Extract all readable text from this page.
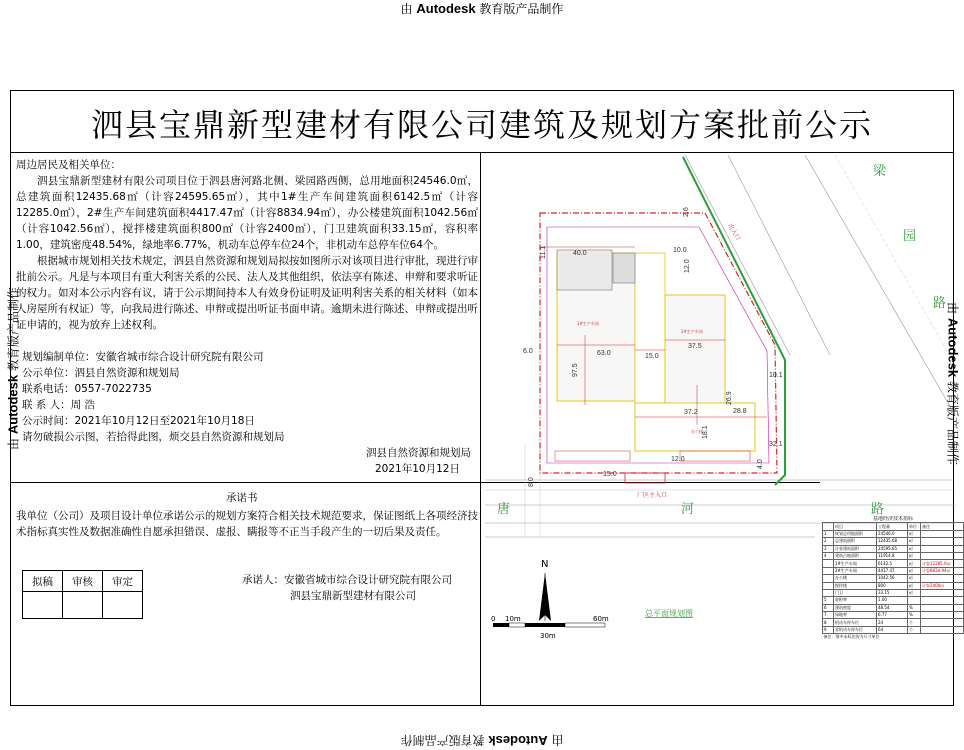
由 Autodesk 教育版产品制作
由 Autodesk 教育版产品制作
由 Autodesk 教育版产品制作	由 Autodesk 教育版产品制作
泗县宝鼎新型建材有限公司建筑及规划方案批前公示
周边居民及相关单位：
泗县宝鼎新型建材有限公司项目位于泗县唐河路北侧、梁园路西侧，总用地面积24546.0㎡，总建筑面积12435.68㎡（计容24595.65㎡），其中1#生产车间建筑面积6142.5㎡（计容12285.0㎡），2#生产车间建筑面积4417.47㎡（计容8834.94㎡），办公楼建筑面积1042.56㎡（计容1042.56㎡），搅拌楼建筑面积800㎡（计容2400㎡），门卫建筑面积33.15㎡，容积率1.00，建筑密度48.54%，绿地率6.77%，机动车总停车位24个，非机动车总停车位64个。
根据城市规划相关技术规定，泗县自然资源和规划局拟按如图所示对该项目进行审批，现进行审批前公示。凡是与本项目有重大利害关系的公民、法人及其他组织，依法享有陈述、申辩和要求听证的权力。如对本公示内容有议，请于公示期间持本人有效身份证明及证明利害关系的相关材料（如本人房屋所有权证）等，向我局进行陈述、申辩或提出听证书面申请。逾期未进行陈述、申辩或提出听证申请的，视为放弃上述权利。
规划编制单位：安徽省城市综合设计研究院有限公司
公示单位：泗县自然资源和规划局
联系电话：0557-7022735
联 系 人：周 浩
公示时间：2021年10月12日至2021年10月18日
请勿破损公示图，若拾得此图，烦交县自然资源和规划局
泗县自然资源和规划局
2021年10月12日
承诺书
我单位（公司）及项目设计单位承诺公示的规划方案符合相关技术规范要求，保证图纸上各项经济技术指标真实性及数据准确性自愿承担错误、虚报、瞒报等不正当手段产生的一切后果及责任。
拟稿	审核	审定
			承诺人：安徽省城市综合设计研究院有限公司
泗县宝鼎新型建材有限公司
厂区主入口
出入口
1#生产车间
2#生产车间
办公楼
40.0	10.0
12.0
63.0	15.0
37.5
37.2	28.8
97.5
26.9
18.1
10.1
32.1
12.0
6.0
15.0
8.0
4.0
11.1
2.6
梁
园
路
唐	河	路
N
0 10m	60m
30m
总平面规划图
基地经济技术指标				
	项目	工程量	单位	备注
1	规划总用地面积	24546.0	㎡	
2	总建筑面积	12435.68	㎡	
3	计容建筑面积	24595.65	㎡	
4	建筑占地面积	11914.8	㎡	
	1#生产车间	6142.5	㎡	计容12285.0㎡
	2#生产车间	4417.47	㎡	计容8834.94㎡
	办公楼	1042.56	㎡	
	搅拌楼	800	㎡	计容2400㎡
	门卫	33.15	㎡	
5	容积率	1.00		
6	建筑密度	48.54	%	
7	绿地率	6.77	%	
8	机动车停车位	24	个	
9	非机动车停车位	64	个	
备注：图中未标注的为尺寸单位				
